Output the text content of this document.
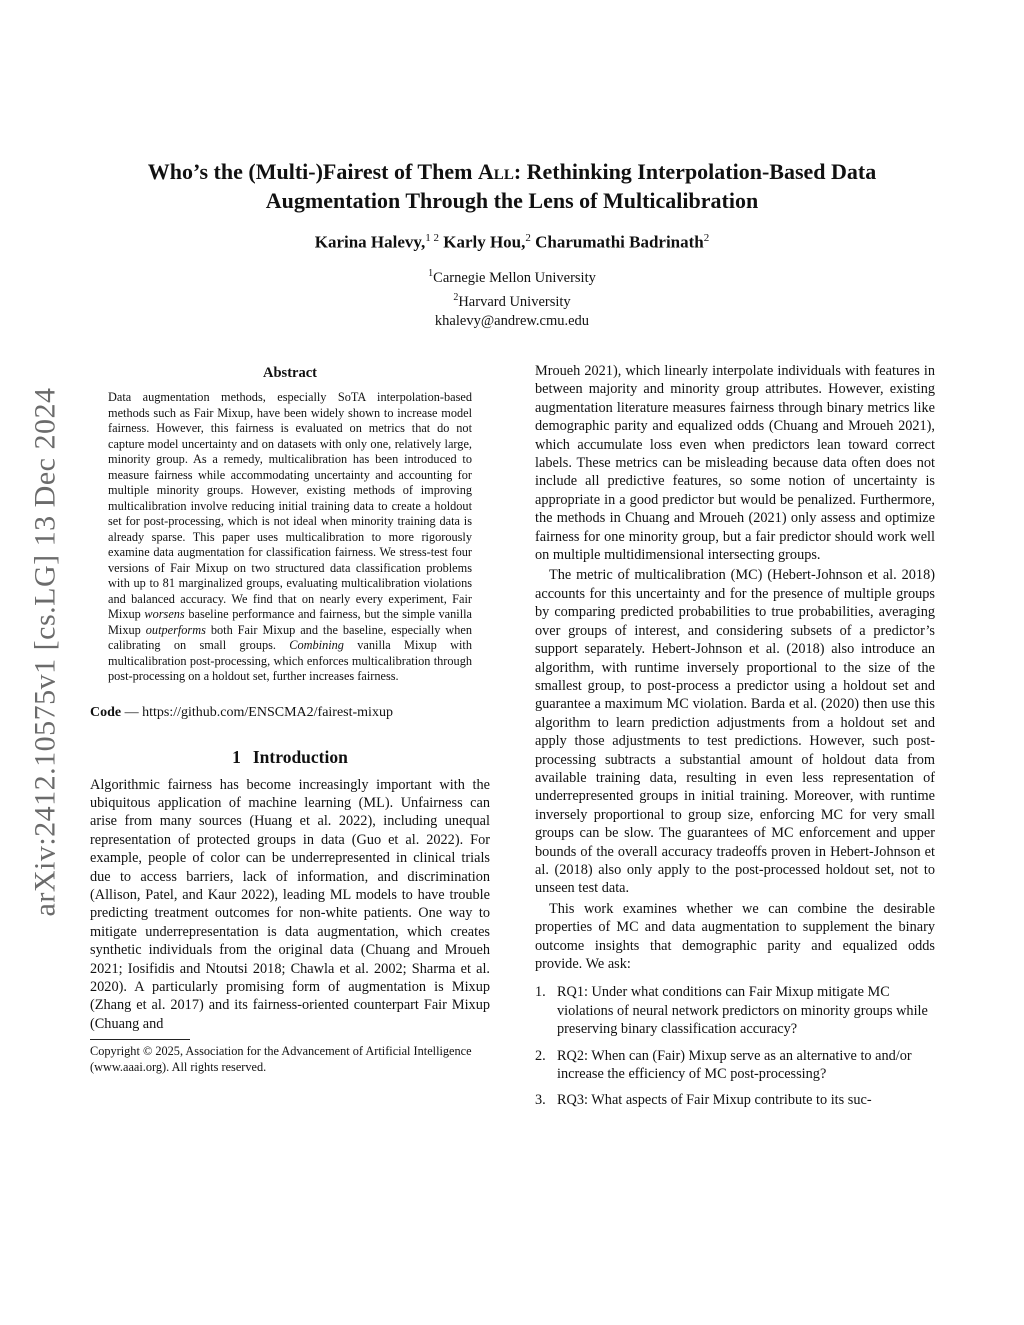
arXiv:2412.10575v1 [cs.LG] 13 Dec 2024
Who’s the (Multi-)Fairest of Them All: Rethinking Interpolation-Based Data
Augmentation Through the Lens of Multicalibration

Karina Halevy,$^{1 2}$ Karly Hou,$^2$ Charumathi Badrinath$^2$

$^1$Carnegie Mellon University
$^2$Harvard University
khalevy@andrew.cmu.edu
Abstract

Data augmentation methods, especially SoTA interpolation-based methods such as Fair Mixup, have been widely shown to increase model fairness. However, this fairness is evaluated on metrics that do not capture model uncertainty and on datasets with only one, relatively large, minority group. As a remedy, multicalibration has been introduced to measure fairness while accommodating uncertainty and accounting for multiple minority groups. However, existing methods of improving multicalibration involve reducing initial training data to create a holdout set for post-processing, which is not ideal when minority training data is already sparse. This paper uses multicalibration to more rigorously examine data augmentation for classification fairness. We stress-test four versions of Fair Mixup on two structured data classification problems with up to 81 marginalized groups, evaluating multicalibration violations and balanced accuracy. We find that on nearly every experiment, Fair Mixup worsens baseline performance and fairness, but the simple vanilla Mixup outperforms both Fair Mixup and the baseline, especially when calibrating on small groups. Combining vanilla Mixup with multicalibration post-processing, which enforces multicalibration through post-processing on a holdout set, further increases fairness.

Code — https://github.com/ENSCMA2/fairest-mixup

1 Introduction

Algorithmic fairness has become increasingly important with the ubiquitous application of machine learning (ML). Unfairness can arise from many sources (Huang et al. 2022), including unequal representation of protected groups in data (Guo et al. 2022). For example, people of color can be underrepresented in clinical trials due to access barriers, lack of information, and discrimination (Allison, Patel, and Kaur 2022), leading ML models to have trouble predicting treatment outcomes for non-white patients. One way to mitigate underrepresentation is data augmentation, which creates synthetic individuals from the original data (Chuang and Mroueh 2021; Iosifidis and Ntoutsi 2018; Chawla et al. 2002; Sharma et al. 2020). A particularly promising form of augmentation is Mixup (Zhang et al. 2017) and its fairness-oriented counterpart Fair Mixup (Chuang and

Copyright © 2025, Association for the Advancement of Artificial Intelligence (www.aaai.org). All rights reserved.

Mroueh 2021), which linearly interpolate individuals with features in between majority and minority group attributes. However, existing augmentation literature measures fairness through binary metrics like demographic parity and equalized odds (Chuang and Mroueh 2021), which accumulate loss even when predictors lean toward correct labels. These metrics can be misleading because data often does not include all predictive features, so some notion of uncertainty is appropriate in a good predictor but would be penalized. Furthermore, the methods in Chuang and Mroueh (2021) only assess and optimize fairness for one minority group, but a fair predictor should work well on multiple multidimensional intersecting groups.

The metric of multicalibration (MC) (Hebert-Johnson et al. 2018) accounts for this uncertainty and for the presence of multiple groups by comparing predicted probabilities to true probabilities, averaging over groups of interest, and considering subsets of a predictor’s support separately. Hebert-Johnson et al. (2018) also introduce an algorithm, with runtime inversely proportional to the size of the smallest group, to post-process a predictor using a holdout set and guarantee a maximum MC violation. Barda et al. (2020) then use this algorithm to learn prediction adjustments from a holdout set and apply those adjustments to test predictions. However, such post-processing subtracts a substantial amount of holdout data from available training data, resulting in even less representation of underrepresented groups in initial training. Moreover, with runtime inversely proportional to group size, enforcing MC for very small groups can be slow. The guarantees of MC enforcement and upper bounds of the overall accuracy tradeoffs proven in Hebert-Johnson et al. (2018) also only apply to the post-processed holdout set, not to unseen test data.

This work examines whether we can combine the desirable properties of MC and data augmentation to supplement the binary outcome insights that demographic parity and equalized odds provide. We ask:

1. RQ1: Under what conditions can Fair Mixup mitigate MC violations of neural network predictors on minority groups while preserving binary classification accuracy?
2. RQ2: When can (Fair) Mixup serve as an alternative to and/or increase the efficiency of MC post-processing?
3. RQ3: What aspects of Fair Mixup contribute to its suc-
